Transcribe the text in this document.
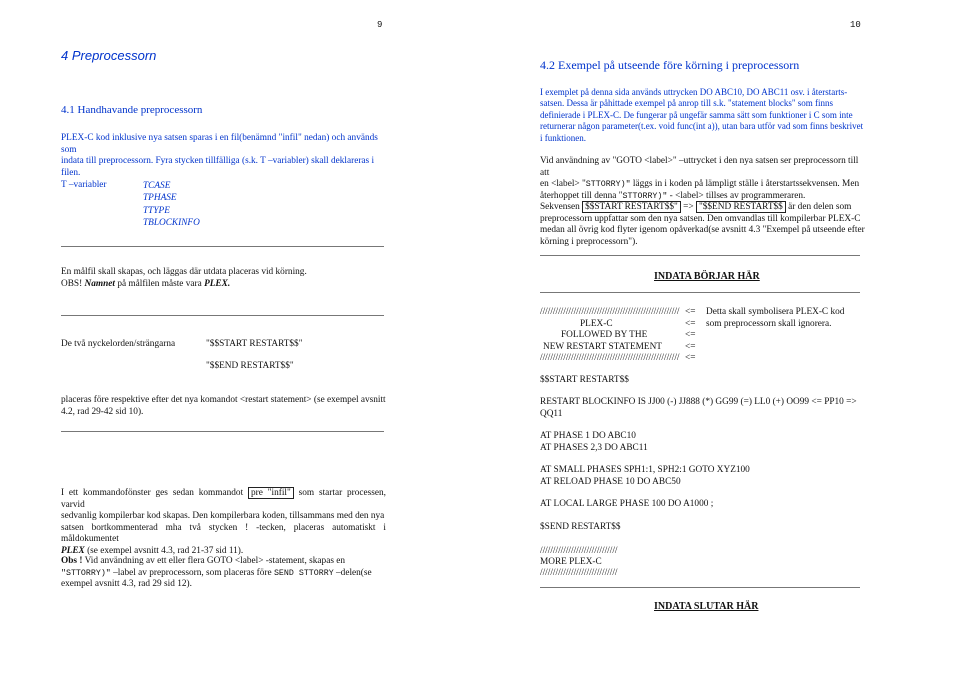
9	10
4 Preprocessorn
4.1 Handhavande preprocessorn
PLEX-C kod inklusive nya satsen sparas i en fil(benämnd "infil" nedan) och används som
indata till preprocessorn. Fyra stycken tillfälliga (s.k. T –variabler) skall deklareras i filen.
T –variabler	TCASE
TPHASE
TTYPE
TBLOCKINFO
En målfil skall skapas, och läggas där utdata placeras vid körning.
OBS! Namnet på målfilen måste vara PLEX.
De två nyckelorden/strängarna	"$$START RESTART$$"
"$$END RESTART$$"
placeras före respektive efter det nya komandot <restart statement> (se exempel avsnitt
4.2, rad 29-42 sid 10).
I ett kommandofönster ges sedan kommandot pre "infil" som startar processen, varvid
sedvanlig kompilerbar kod skapas. Den kompilerbara koden, tillsammans med den nya
satsen bortkommenterad mha två stycken ! -tecken, placeras automatiskt i måldokumentet
PLEX (se exempel avsnitt 4.3, rad 21-37 sid 11).
Obs ! Vid användning av ett eller flera GOTO <label> -statement, skapas en
"STTORRY)" –label av preprocessorn, som placeras före SEND STTORRY –delen(se
exempel avsnitt 4.3, rad 29 sid 12).
4.2 Exempel på utseende före körning i preprocessorn
I exemplet på denna sida används uttrycken DO ABC10, DO ABC11 osv. i återstarts-
satsen. Dessa är påhittade exempel på anrop till s.k. "statement blocks" som finns
definierade i PLEX-C. De fungerar på ungefär samma sätt som funktioner i C som inte
returnerar någon parameter(t.ex. void func(int a)), utan bara utför vad som finns beskrivet
i funktionen.
Vid användning av "GOTO <label>" –uttrycket i den nya satsen ser preprocessorn till att
en <label> "STTORRY)" läggs in i koden på lämpligt ställe i återstartssekvensen. Men
återhoppet till denna "STTORRY)" - <label> tillses av programmeraren.
Sekvensen $$START RESTART$$" => "$$END RESTART$$ är den delen som
preprocessorn uppfattar som den nya satsen. Den omvandlas till kompilerbar PLEX-C
medan all övrig kod flyter igenom opåverkad(se avsnitt 4.3 "Exempel på utseende efter
körning i preprocessorn").
INDATA BÖRJAR HÄR
////////////////////////////////////////////////////// <= Detta skall symbolisera PLEX-C kod
PLEX-C	<= som preprocessorn skall ignorera.
FOLLOWED BY THE	<=
NEW RESTART STATEMENT <=
////////////////////////////////////////////////////// <=
$$START RESTART$$
RESTART BLOCKINFO IS JJ00 (-) JJ888 (*) GG99 (=) LL0 (+) OO99 <= PP10 =>
QQ11
AT PHASE 1 DO ABC10
AT PHASES 2,3 DO ABC11
AT SMALL PHASES SPH1:1, SPH2:1 GOTO XYZ100
AT RELOAD PHASE 10 DO ABC50
AT LOCAL LARGE PHASE 100 DO A1000 ;
$SEND RESTART$$
//////////////////////////////
MORE PLEX-C
//////////////////////////////
INDATA SLUTAR HÄR
